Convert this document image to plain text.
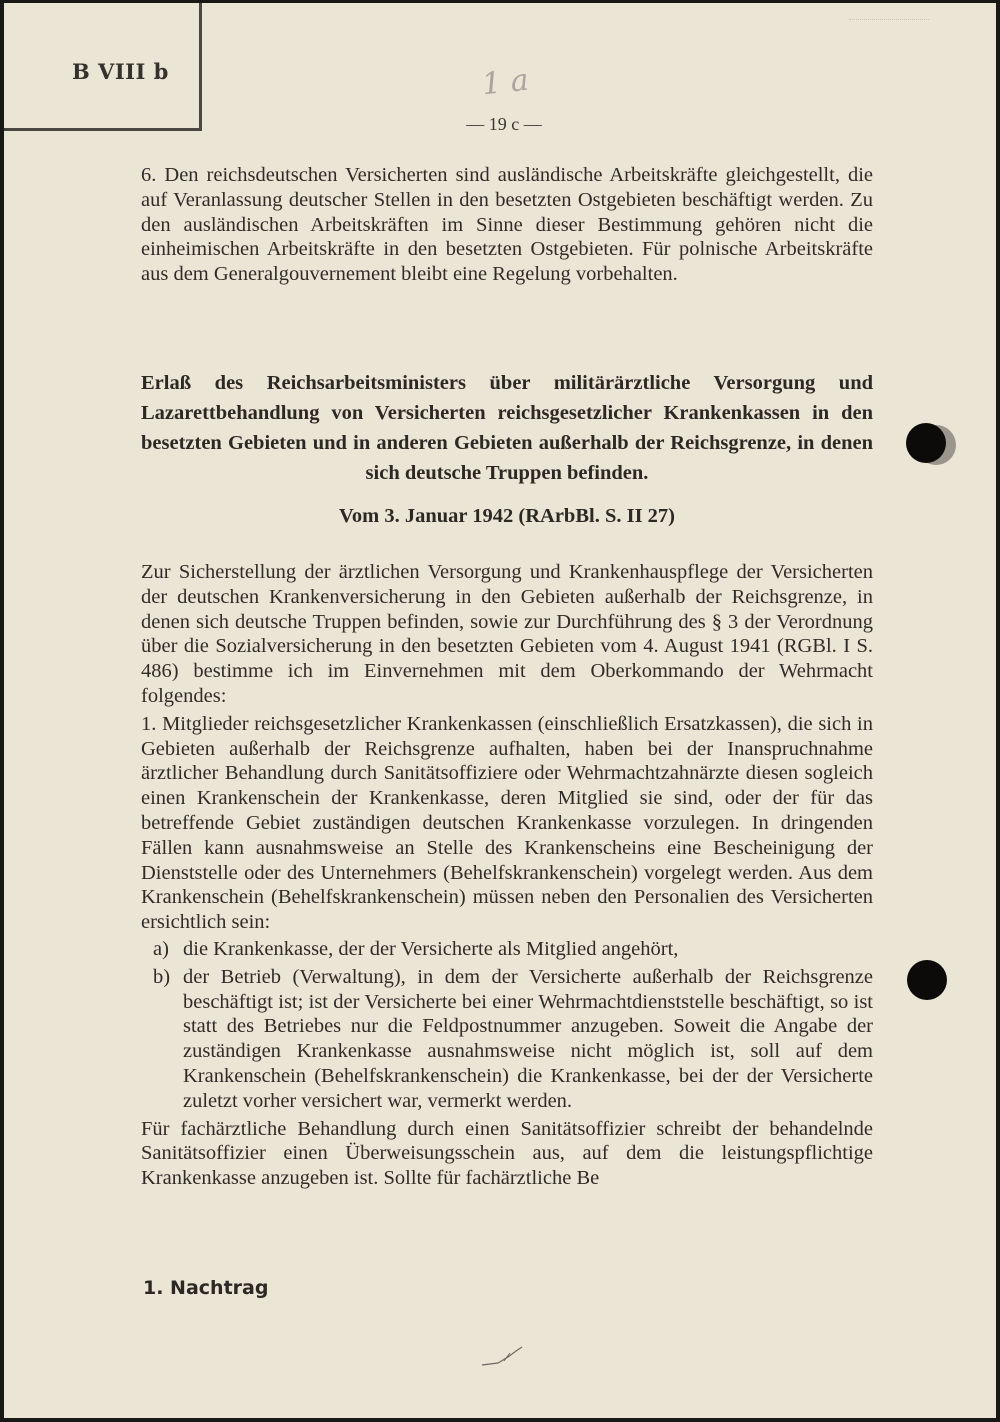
B VIII b	1 a
— 19 c —

6. Den reichsdeutschen Versicherten sind ausländische Arbeitskräfte gleichgestellt, die auf Veranlassung deutscher Stellen in den besetzten Ostgebieten beschäftigt werden. Zu den ausländischen Arbeitskräften im Sinne dieser Bestimmung gehören nicht die einheimischen Arbeitskräfte in den besetzten Ostgebieten. Für polnische Arbeitskräfte aus dem Generalgouvernement bleibt eine Regelung vorbehalten.

Erlaß des Reichsarbeitsministers über militärärztliche Versorgung und Lazarettbehandlung von Versicherten reichsgesetzlicher Krankenkassen in den besetzten Gebieten und in anderen Gebieten außerhalb der Reichsgrenze, in denen sich deutsche Truppen befinden.
Vom 3. Januar 1942 (RArbBl. S. II 27)

Zur Sicherstellung der ärztlichen Versorgung und Krankenhauspflege der Versicherten der deutschen Krankenversicherung in den Gebieten außerhalb der Reichsgrenze, in denen sich deutsche Truppen befinden, sowie zur Durchführung des § 3 der Verordnung über die Sozialversicherung in den besetzten Gebieten vom 4. August 1941 (RGBl. I S. 486) bestimme ich im Einvernehmen mit dem Oberkommando der Wehrmacht folgendes:

1. Mitglieder reichsgesetzlicher Krankenkassen (einschließlich Ersatzkassen), die sich in Gebieten außerhalb der Reichsgrenze aufhalten, haben bei der Inanspruchnahme ärztlicher Behandlung durch Sanitätsoffiziere oder Wehrmachtzahnärzte diesen sogleich einen Krankenschein der Krankenkasse, deren Mitglied sie sind, oder der für das betreffende Gebiet zuständigen deutschen Krankenkasse vorzulegen. In dringenden Fällen kann ausnahmsweise an Stelle des Krankenscheins eine Bescheinigung der Dienststelle oder des Unternehmers (Behelfskrankenschein) vorgelegt werden. Aus dem Krankenschein (Behelfskrankenschein) müssen neben den Personalien des Versicherten ersichtlich sein:

a) die Krankenkasse, der der Versicherte als Mitglied angehört,
b) der Betrieb (Verwaltung), in dem der Versicherte außerhalb der Reichsgrenze beschäftigt ist; ist der Versicherte bei einer Wehrmachtdienststelle beschäftigt, so ist statt des Betriebes nur die Feldpostnummer anzugeben. Soweit die Angabe der zuständigen Krankenkasse ausnahmsweise nicht möglich ist, soll auf dem Krankenschein (Behelfskrankenschein) die Krankenkasse, bei der der Versicherte zuletzt vorher versichert war, vermerkt werden.

Für fachärztliche Behandlung durch einen Sanitätsoffizier schreibt der behandelnde Sanitätsoffizier einen Überweisungsschein aus, auf dem die leistungspflichtige Krankenkasse anzugeben ist. Sollte für fachärztliche Be

1. Nachtrag
